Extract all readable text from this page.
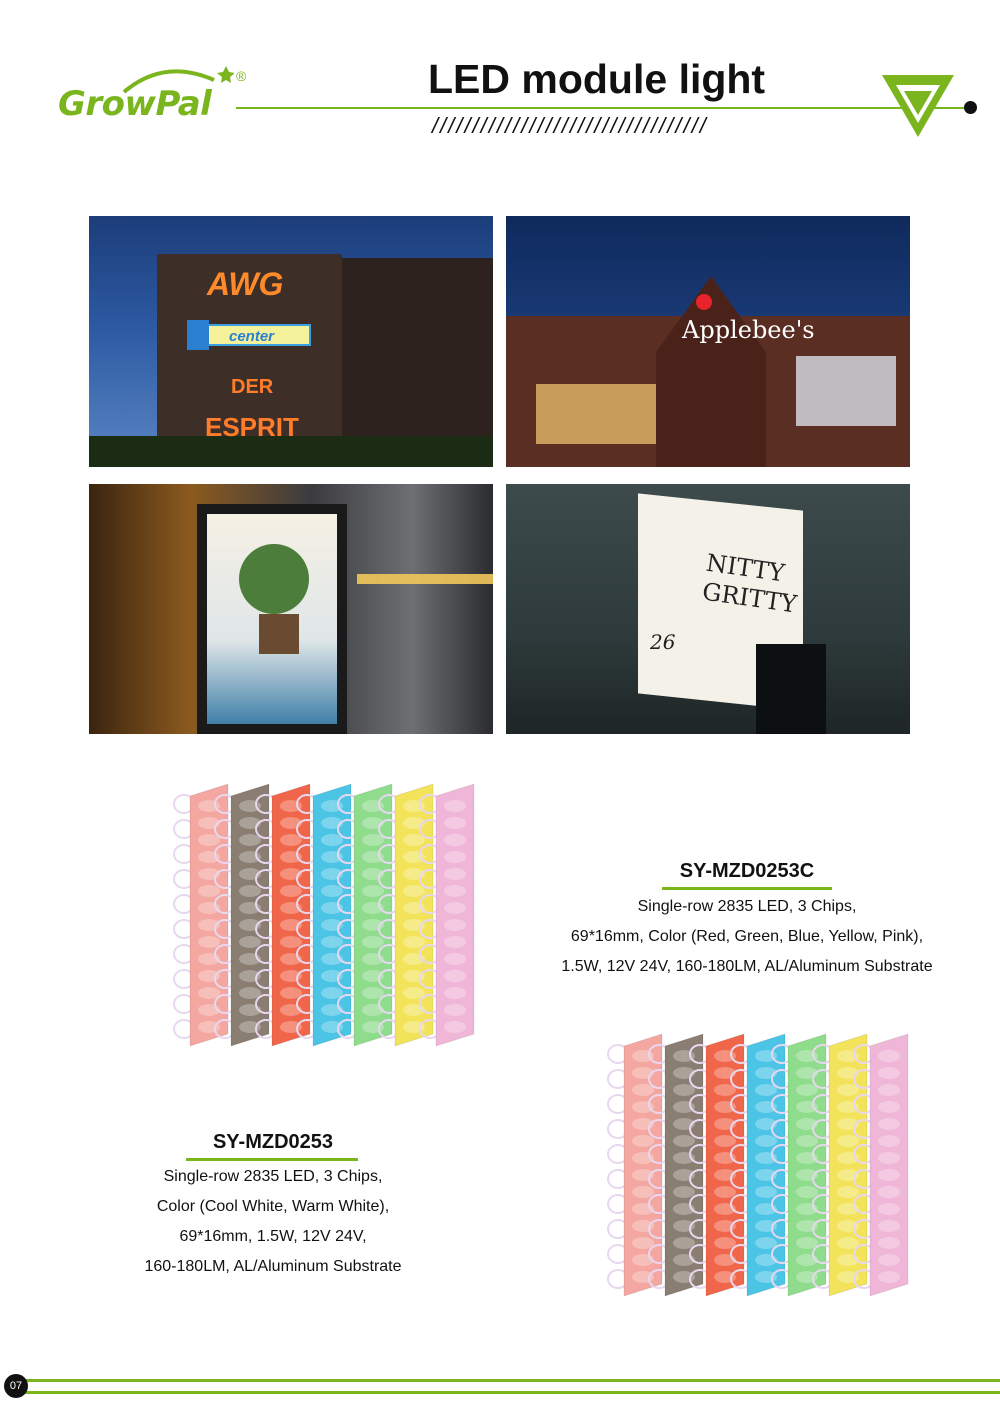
GrowPal
®	LED module light
//////////////////////////////////
AWG
center
DER
ESPRIT
Applebee's
NITTY
GRITTY
26
SY-MZD0253C
Single-row 2835 LED, 3 Chips,
69*16mm, Color (Red, Green, Blue, Yellow, Pink),
1.5W, 12V 24V, 160-180LM, AL/Aluminum Substrate
SY-MZD0253
Single-row 2835 LED, 3 Chips,
Color (Cool White, Warm White),
69*16mm, 1.5W, 12V 24V,
160-180LM, AL/Aluminum Substrate
07
